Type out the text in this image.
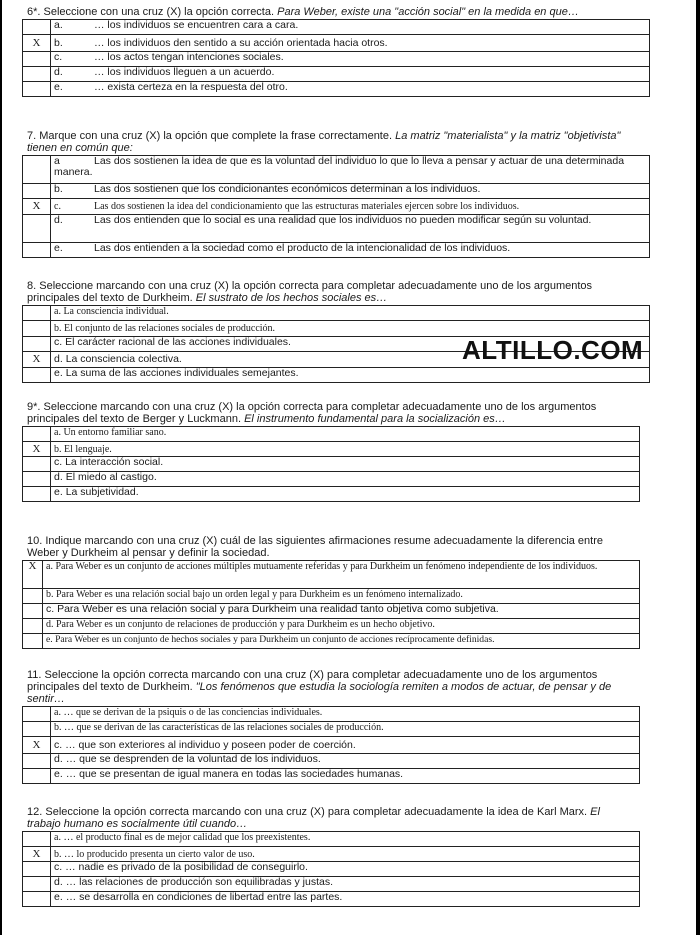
6*. Seleccione con una cruz (X) la opción correcta. Para Weber, existe una "acción social" en la medida en que…
	a. … los individuos se encuentren cara a cara.
X	b. … los individuos den sentido a su acción orientada hacia otros.
	c. … los actos tengan intenciones sociales.
	d. … los individuos lleguen a un acuerdo.
	e. … exista certeza en la respuesta del otro.
7. Marque con una cruz (X) la opción que complete la frase correctamente. La matriz "materialista" y la matriz "objetivista" tienen en común que:
	a Las dos sostienen la idea de que es la voluntad del individuo lo que lo lleva a pensar y actuar de una determinada manera.
	b. Las dos sostienen que los condicionantes económicos determinan a los individuos.
X	c. Las dos sostienen la idea del condicionamiento que las estructuras materiales ejercen sobre los individuos.
	d. Las dos entienden que lo social es una realidad que los individuos no pueden modificar según su voluntad.
	e. Las dos entienden a la sociedad como el producto de la intencionalidad de los individuos.
8. Seleccione marcando con una cruz (X) la opción correcta para completar adecuadamente uno de los argumentos principales del texto de Durkheim. El sustrato de los hechos sociales es…
	a. La consciencia individual.
	b. El conjunto de las relaciones sociales de producción.
	c. El carácter racional de las acciones individuales.
X	d. La consciencia colectiva.
	e. La suma de las acciones individuales semejantes.
ALTILLO.COM
9*. Seleccione marcando con una cruz (X) la opción correcta para completar adecuadamente uno de los argumentos principales del texto de Berger y Luckmann. El instrumento fundamental para la socialización es…
	a. Un entorno familiar sano.
X	b. El lenguaje.
	c. La interacción social.
	d. El miedo al castigo.
	e. La subjetividad.
10. Indique marcando con una cruz (X) cuál de las siguientes afirmaciones resume adecuadamente la diferencia entre Weber y Durkheim al pensar y definir la sociedad.
X	a. Para Weber es un conjunto de acciones múltiples mutuamente referidas y para Durkheim un fenómeno independiente de los individuos.
	b. Para Weber es una relación social bajo un orden legal y para Durkheim es un fenómeno internalizado.
	c. Para Weber es una relación social y para Durkheim una realidad tanto objetiva como subjetiva.
	d. Para Weber es un conjunto de relaciones de producción y para Durkheim es un hecho objetivo.
	e. Para Weber es un conjunto de hechos sociales y para Durkheim un conjunto de acciones recíprocamente definidas.
11. Seleccione la opción correcta marcando con una cruz (X) para completar adecuadamente uno de los argumentos principales del texto de Durkheim. "Los fenómenos que estudia la sociología remiten a modos de actuar, de pensar y de sentir…
	a. … que se derivan de la psiquis o de las conciencias individuales.
	b. … que se derivan de las características de las relaciones sociales de producción.
X	c. … que son exteriores al individuo y poseen poder de coerción.
	d. … que se desprenden de la voluntad de los individuos.
	e. … que se presentan de igual manera en todas las sociedades humanas.
12. Seleccione la opción correcta marcando con una cruz (X) para completar adecuadamente la idea de Karl Marx. El trabajo humano es socialmente útil cuando…
	a. … el producto final es de mejor calidad que los preexistentes.
X	b. … lo producido presenta un cierto valor de uso.
	c. … nadie es privado de la posibilidad de conseguirlo.
	d. … las relaciones de producción son equilibradas y justas.
	e. … se desarrolla en condiciones de libertad entre las partes.
